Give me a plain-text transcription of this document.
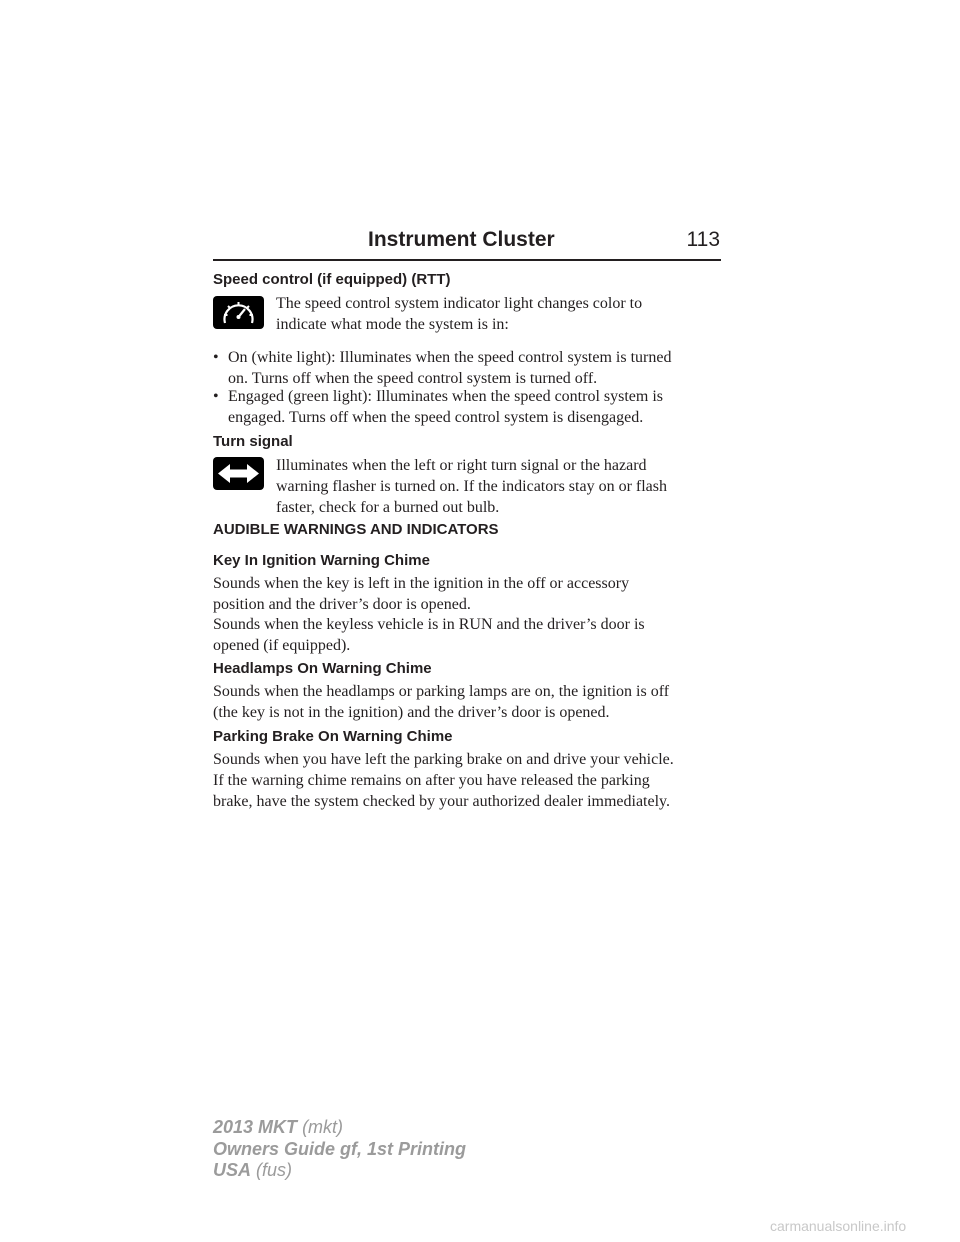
Instrument Cluster	113
Speed control (if equipped) (RTT)
The speed control system indicator light changes color to
indicate what mode the system is in:
• On (white light): Illuminates when the speed control system is turned
on. Turns off when the speed control system is turned off.
• Engaged (green light): Illuminates when the speed control system is
engaged. Turns off when the speed control system is disengaged.
Turn signal
Illuminates when the left or right turn signal or the hazard
warning flasher is turned on. If the indicators stay on or flash
faster, check for a burned out bulb.
AUDIBLE WARNINGS AND INDICATORS
Key In Ignition Warning Chime
Sounds when the key is left in the ignition in the off or accessory
position and the driver’s door is opened.
Sounds when the keyless vehicle is in RUN and the driver’s door is
opened (if equipped).
Headlamps On Warning Chime
Sounds when the headlamps or parking lamps are on, the ignition is off
(the key is not in the ignition) and the driver’s door is opened.
Parking Brake On Warning Chime
Sounds when you have left the parking brake on and drive your vehicle.
If the warning chime remains on after you have released the parking
brake, have the system checked by your authorized dealer immediately.
2013 MKT (mkt)
Owners Guide gf, 1st Printing
USA (fus)
carmanualsonline.info
